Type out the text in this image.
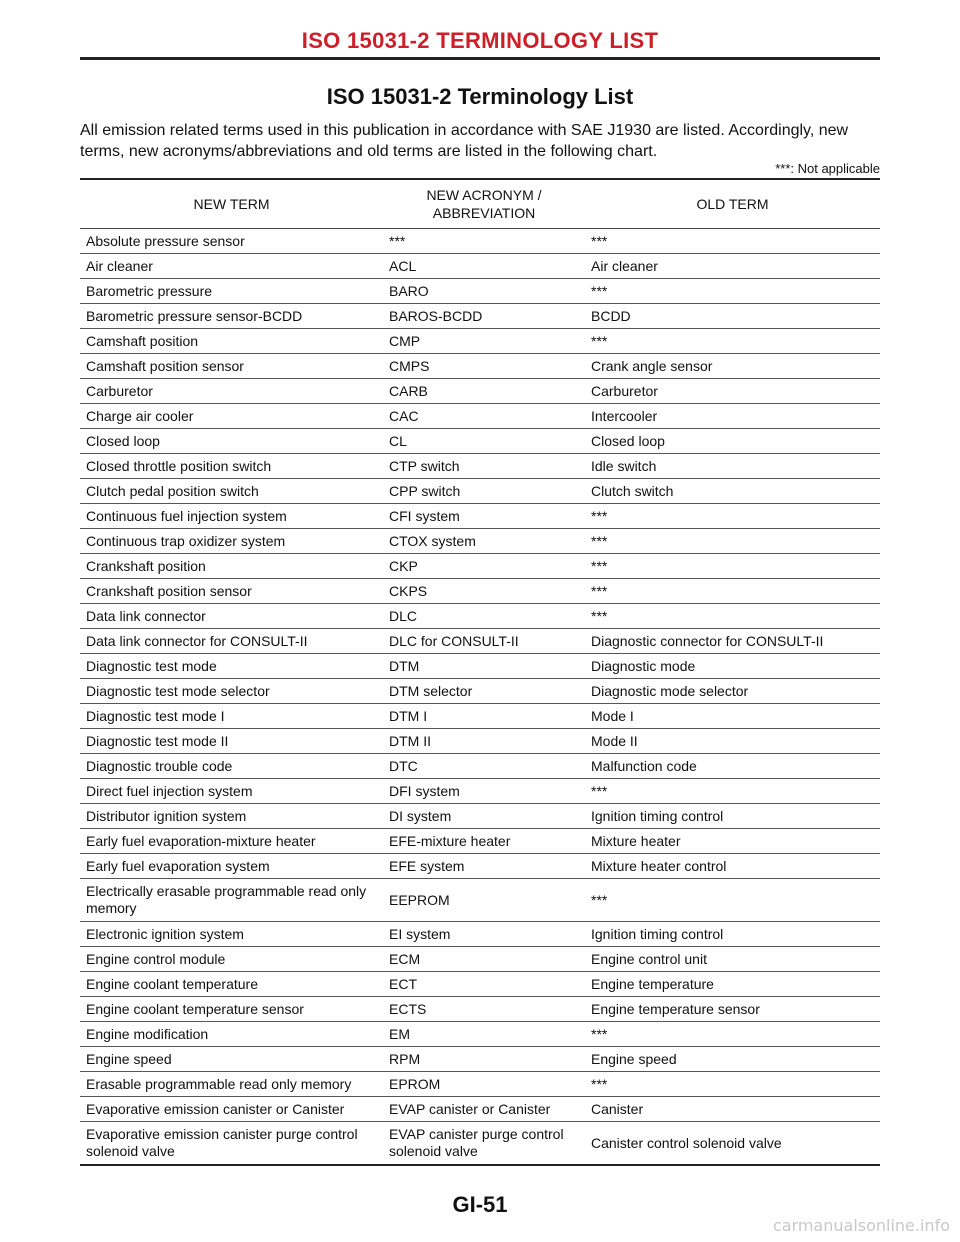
ISO 15031-2 TERMINOLOGY LIST
ISO 15031-2 Terminology List
All emission related terms used in this publication in accordance with SAE J1930 are listed. Accordingly, new terms, new acronyms/abbreviations and old terms are listed in the following chart.
***: Not applicable
NEW TERM	NEW ACRONYM / ABBREVIATION	OLD TERM
Absolute pressure sensor	***	***
Air cleaner	ACL	Air cleaner
Barometric pressure	BARO	***
Barometric pressure sensor-BCDD	BAROS-BCDD	BCDD
Camshaft position	CMP	***
Camshaft position sensor	CMPS	Crank angle sensor
Carburetor	CARB	Carburetor
Charge air cooler	CAC	Intercooler
Closed loop	CL	Closed loop
Closed throttle position switch	CTP switch	Idle switch
Clutch pedal position switch	CPP switch	Clutch switch
Continuous fuel injection system	CFI system	***
Continuous trap oxidizer system	CTOX system	***
Crankshaft position	CKP	***
Crankshaft position sensor	CKPS	***
Data link connector	DLC	***
Data link connector for CONSULT-II	DLC for CONSULT-II	Diagnostic connector for CONSULT-II
Diagnostic test mode	DTM	Diagnostic mode
Diagnostic test mode selector	DTM selector	Diagnostic mode selector
Diagnostic test mode I	DTM I	Mode I
Diagnostic test mode II	DTM II	Mode II
Diagnostic trouble code	DTC	Malfunction code
Direct fuel injection system	DFI system	***
Distributor ignition system	DI system	Ignition timing control
Early fuel evaporation-mixture heater	EFE-mixture heater	Mixture heater
Early fuel evaporation system	EFE system	Mixture heater control
Electrically erasable programmable read only memory	EEPROM	***
Electronic ignition system	EI system	Ignition timing control
Engine control module	ECM	Engine control unit
Engine coolant temperature	ECT	Engine temperature
Engine coolant temperature sensor	ECTS	Engine temperature sensor
Engine modification	EM	***
Engine speed	RPM	Engine speed
Erasable programmable read only memory	EPROM	***
Evaporative emission canister or Canister	EVAP canister or Canister	Canister
Evaporative emission canister purge control solenoid valve	EVAP canister purge control solenoid valve	Canister control solenoid valve
GI-51
carmanualsonline.info
